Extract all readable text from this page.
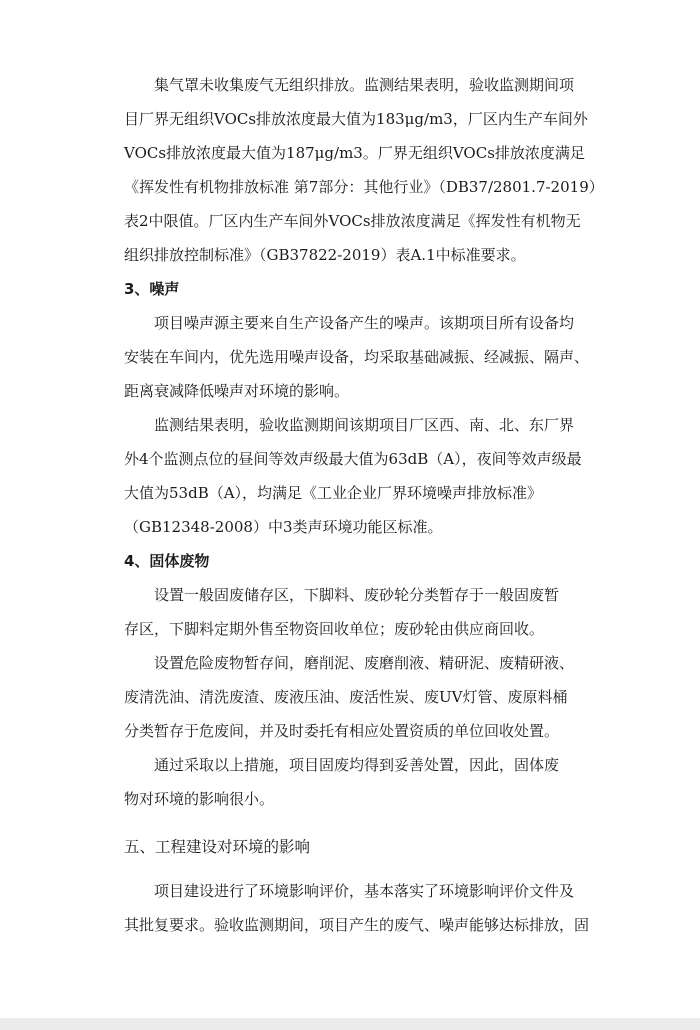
集气罩未收集废气无组织排放。监测结果表明，验收监测期间项
目厂界无组织VOCs排放浓度最大值为183μg/m3，厂区内生产车间外
VOCs排放浓度最大值为187μg/m3。厂界无组织VOCs排放浓度满足
《挥发性有机物排放标准 第7部分：其他行业》（DB37/2801.7-2019）
表2中限值。厂区内生产车间外VOCs排放浓度满足《挥发性有机物无
组织排放控制标准》（GB37822-2019）表A.1中标准要求。
3、噪声
项目噪声源主要来自生产设备产生的噪声。该期项目所有设备均
安装在车间内，优先选用噪声设备，均采取基础减振、经减振、隔声、
距离衰减降低噪声对环境的影响。
监测结果表明，验收监测期间该期项目厂区西、南、北、东厂界
外4个监测点位的昼间等效声级最大值为63dB（A），夜间等效声级最
大值为53dB（A），均满足《工业企业厂界环境噪声排放标准》
（GB12348-2008）中3类声环境功能区标准。
4、固体废物
设置一般固废储存区，下脚料、废砂轮分类暂存于一般固废暂
存区，下脚料定期外售至物资回收单位；废砂轮由供应商回收。
设置危险废物暂存间，磨削泥、废磨削液、精研泥、废精研液、
废清洗油、清洗废渣、废液压油、废活性炭、废UV灯管、废原料桶
分类暂存于危废间，并及时委托有相应处置资质的单位回收处置。
通过采取以上措施，项目固废均得到妥善处置，因此，固体废
物对环境的影响很小。
五、工程建设对环境的影响
项目建设进行了环境影响评价，基本落实了环境影响评价文件及
其批复要求。验收监测期间，项目产生的废气、噪声能够达标排放，固
